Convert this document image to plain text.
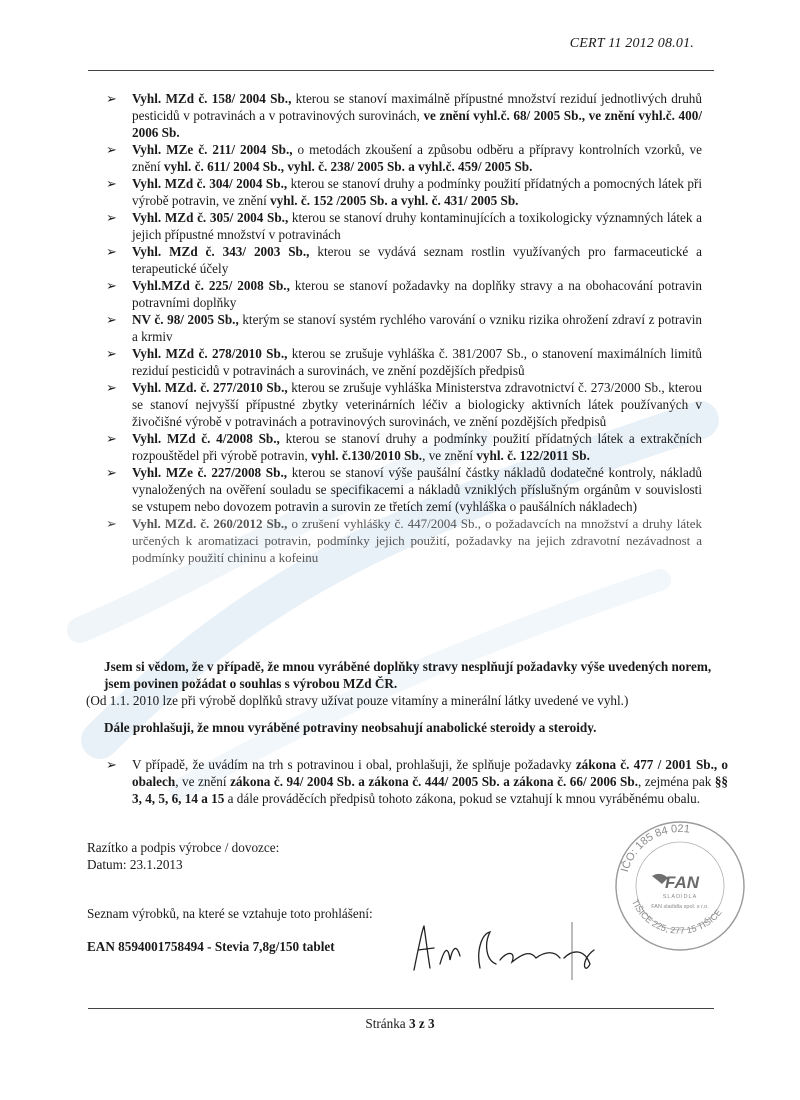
CERT 11 2012 08.01.
➢ Vyhl. MZd č. 158/ 2004 Sb., kterou se stanoví maximálně přípustné množství reziduí jednotlivých druhů pesticidů v potravinách a v potravinových surovinách, ve znění vyhl.č. 68/ 2005 Sb., ve znění vyhl.č. 400/ 2006 Sb.
➢ Vyhl. MZe č. 211/ 2004 Sb., o metodách zkoušení a způsobu odběru a přípravy kontrolních vzorků, ve znění vyhl. č. 611/ 2004 Sb., vyhl. č. 238/ 2005 Sb. a vyhl.č. 459/ 2005 Sb.
➢ Vyhl. MZd č. 304/ 2004 Sb., kterou se stanoví druhy a podmínky použití přídatných a pomocných látek při výrobě potravin, ve znění vyhl. č. 152 /2005 Sb. a vyhl. č. 431/ 2005 Sb.
➢ Vyhl. MZd č. 305/ 2004 Sb., kterou se stanoví druhy kontaminujících a toxikologicky významných látek a jejich přípustné množství v potravinách
➢ Vyhl. MZd č. 343/ 2003 Sb., kterou se vydává seznam rostlin využívaných pro farmaceutické a terapeutické účely
➢ Vyhl.MZd č. 225/ 2008 Sb., kterou se stanoví požadavky na doplňky stravy a na obohacování potravin potravními doplňky
➢ NV č. 98/ 2005 Sb., kterým se stanoví systém rychlého varování o vzniku rizika ohrožení zdraví z potravin a krmiv
➢ Vyhl. MZd č. 278/2010 Sb., kterou se zrušuje vyhláška č. 381/2007 Sb., o stanovení maximálních limitů reziduí pesticidů v potravinách a surovinách, ve znění pozdějších předpisů
➢ Vyhl. MZd. č. 277/2010 Sb., kterou se zrušuje vyhláška Ministerstva zdravotnictví č. 273/2000 Sb., kterou se stanoví nejvyšší přípustné zbytky veterinárních léčiv a biologicky aktivních látek používaných v živočišné výrobě v potravinách a potravinových surovinách, ve znění pozdějších předpisů
➢ Vyhl. MZd č. 4/2008 Sb., kterou se stanoví druhy a podmínky použití přídatných látek a extrakčních rozpouštědel při výrobě potravin, vyhl. č.130/2010 Sb., ve znění vyhl. č. 122/2011 Sb.
➢ Vyhl. MZe č. 227/2008 Sb., kterou se stanoví výše paušální částky nákladů dodatečné kontroly, nákladů vynaložených na ověření souladu se specifikacemi a nákladů vzniklých příslušným orgánům v souvislosti se vstupem nebo dovozem potravin a surovin ze třetích zemí (vyhláška o paušálních nákladech)
➢ Vyhl. MZd. č. 260/2012 Sb., o zrušení vyhlášky č. 447/2004 Sb., o požadavcích na množství a druhy látek určených k aromatizaci potravin, podmínky jejich použití, požadavky na jejich zdravotní nezávadnost a podmínky použití chininu a kofeinu
Jsem si vědom, že v případě, že mnou vyráběné doplňky stravy nesplňují požadavky výše uvedených norem, jsem povinen požádat o souhlas s výrobou MZd ČR.
(Od 1.1. 2010 lze při výrobě doplňků stravy užívat pouze vitamíny a minerální látky uvedené ve vyhl.)
Dále prohlašuji, že mnou vyráběné potraviny neobsahují anabolické steroidy a steroidy.
➢ V případě, že uvádím na trh s potravinou i obal, prohlašuji, že splňuje požadavky zákona č. 477 / 2001 Sb., o obalech, ve znění zákona č. 94/ 2004 Sb. a zákona č. 444/ 2005 Sb. a zákona č. 66/ 2006 Sb., zejména pak §§ 3, 4, 5, 6, 14 a 15 a dále prováděcích předpisů tohoto zákona, pokud se vztahují k mnou vyráběnému obalu.
Razítko a podpis výrobce / dovozce:
Datum: 23.1.2013
Seznam výrobků, na které se vztahuje toto prohlášení:
EAN 8594001758494 - Stevia 7,8g/150 tablet
IČO: 185 84 021
TIŠICE 225, 277 15 TIŠICE
FAN
SLADIDLA
FAN sladidla spol. s r.o.
Stránka 3 z 3
